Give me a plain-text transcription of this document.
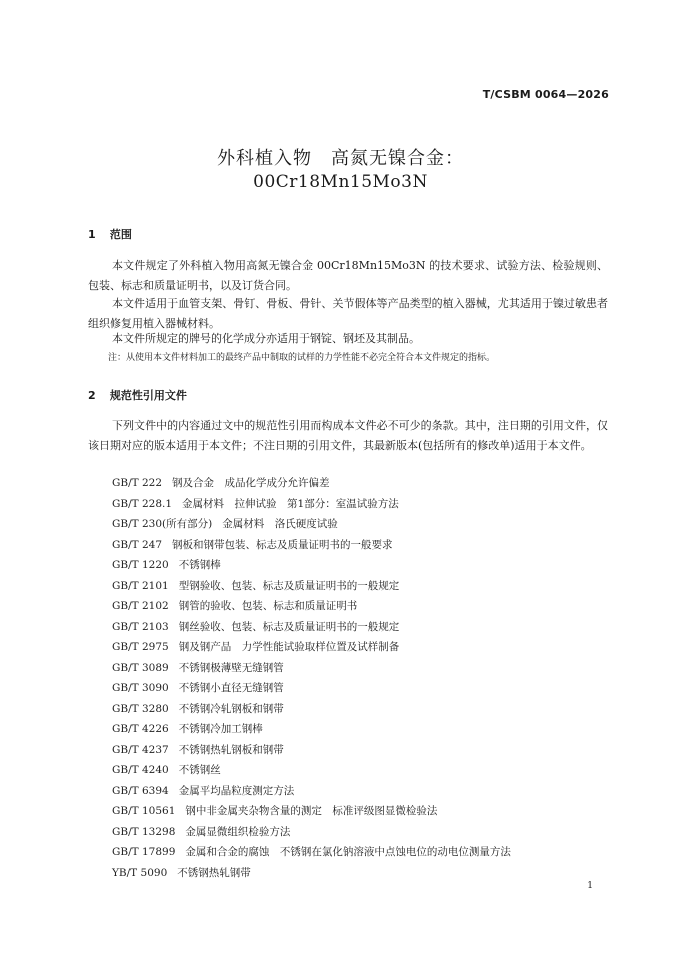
T/CSBM 0064—2026
外科植入物　高氮无镍合金：
00Cr18Mn15Mo3N
1 范围
本文件规定了外科植入物用高氮无镍合金 00Cr18Mn15Mo3N 的技术要求、试验方法、检验规则、包装、标志和质量证明书，以及订货合同。
本文件适用于血管支架、骨钉、骨板、骨针、关节假体等产品类型的植入器械，尤其适用于镍过敏患者组织修复用植入器械材料。
本文件所规定的牌号的化学成分亦适用于钢锭、钢坯及其制品。
注：从使用本文件材料加工的最终产品中制取的试样的力学性能不必完全符合本文件规定的指标。
2 规范性引用文件
下列文件中的内容通过文中的规范性引用而构成本文件必不可少的条款。其中，注日期的引用文件，仅该日期对应的版本适用于本文件；不注日期的引用文件，其最新版本(包括所有的修改单)适用于本文件。
GB/T 222 钢及合金　成品化学成分允许偏差
GB/T 228.1 金属材料　拉伸试验　第1部分：室温试验方法
GB/T 230(所有部分) 金属材料　洛氏硬度试验
GB/T 247 钢板和钢带包装、标志及质量证明书的一般要求
GB/T 1220 不锈钢棒
GB/T 2101 型钢验收、包装、标志及质量证明书的一般规定
GB/T 2102 钢管的验收、包装、标志和质量证明书
GB/T 2103 钢丝验收、包装、标志及质量证明书的一般规定
GB/T 2975 钢及钢产品　力学性能试验取样位置及试样制备
GB/T 3089 不锈钢极薄壁无缝钢管
GB/T 3090 不锈钢小直径无缝钢管
GB/T 3280 不锈钢冷轧钢板和钢带
GB/T 4226 不锈钢冷加工钢棒
GB/T 4237 不锈钢热轧钢板和钢带
GB/T 4240 不锈钢丝
GB/T 6394 金属平均晶粒度测定方法
GB/T 10561 钢中非金属夹杂物含量的测定　标准评级图显微检验法
GB/T 13298 金属显微组织检验方法
GB/T 17899 金属和合金的腐蚀　不锈钢在氯化钠溶液中点蚀电位的动电位测量方法
YB/T 5090 不锈钢热轧钢带
1
